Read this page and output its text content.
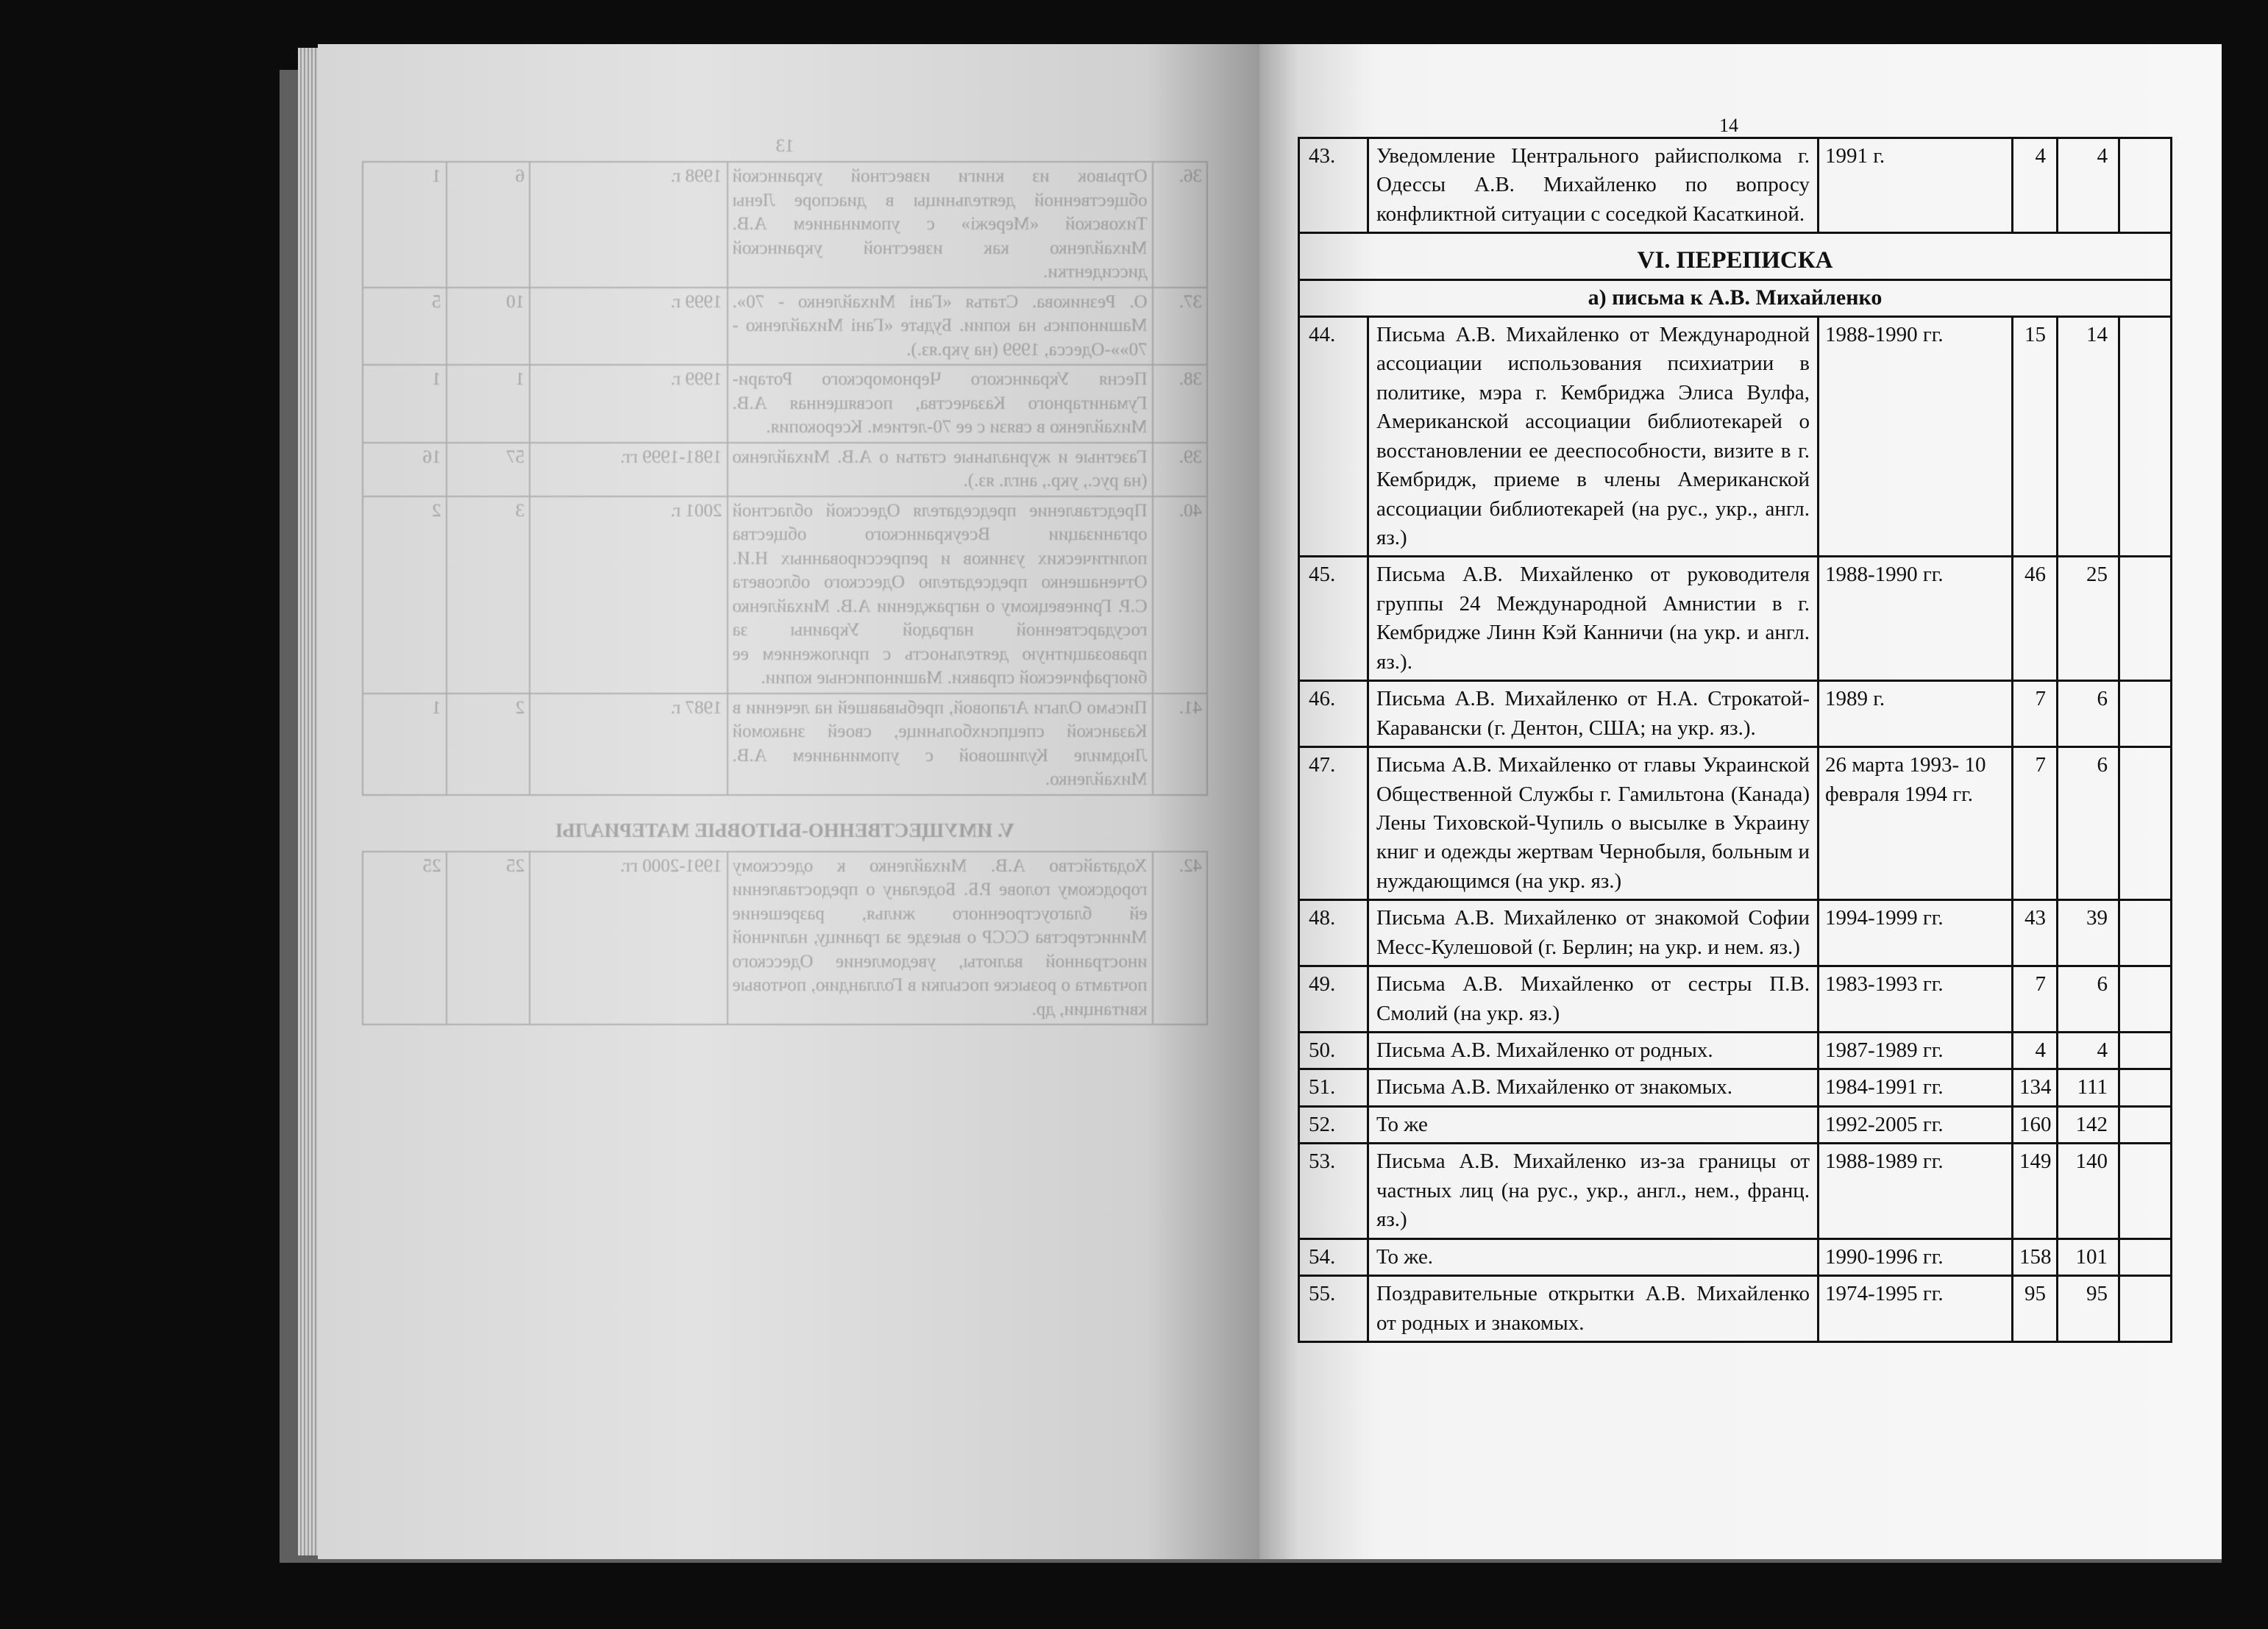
13
36.	Отрывок из книги известной украинской общественной деятельницы в диаспоре Лены Тиховской «Мережi» с упоминанием А.В. Михайленко как известной украинской диссидентки.	1998 г.	6	1
37.	О. Резникова. Статья «Ганi Михайленко - 70». Машинопись на копии. Будьте «Ганi Михайленко - 70»»-Одесса, 1999 (на укр.яз.).	1999 г.	10	5
38.	Песня Украинского Черноморского Ротари-Гуманитарного Казачества, посвященная А.В. Михайленко в связи с ее 70-летием. Ксерокопия.	1999 г.	1	1
39.	Газетные и журнальные статьи о А.В. Михайленко (на рус., укр., англ. яз.).	1981-1999 гг.	57	16
40.	Представление председателя Одесской областной организации Всеукраинского общества политических узников и репрессированных Н.И. Отченашенко председателю Одесского облсовета С.Р. Гриневецкому о награждении А.В. Михайленко государственной наградой Украины за правозащитную деятельность с приложением ее биографической справки. Машинописные копии.	2001 г.	3	2
41.	Письмо Ольги Агаповой, пребывавшей на лечении в Казанской спецпсихбольнице, своей знакомой Людмиле Кулишовой с упоминанием А.В. Михайленко.	1987 г.	2	1
V. ИМУЩЕСТВЕННО-БЫТОВЫЕ МАТЕРИАЛЫ				
42.	Ходатайство А.В. Михайленко к одесскому городскому голове Р.Б. Боделану о предоставлении ей благоустроенного жилья, разрешение Министерства СССР о выезде за границу, наличной иностранной валюты, уведомление Одесского почтамта о розыске посылки в Голландию, почтовые квитанции, др.	1991-2000 гг.	25	25
14
43.	Уведомление Центрального райисполкома г. Одессы А.В. Михайленко по вопросу конфликтной ситуации с соседкой Касаткиной.	1991 г.	4	4	
VI. ПЕРЕПИСКА					
а) письма к А.В. Михайленко					
44.	Письма А.В. Михайленко от Международной ассоциации использования психиатрии в политике, мэра г. Кембриджа Элиса Вулфа, Американской ассоциации библиотекарей о восстановлении ее дееспособности, визите в г. Кембридж, приеме в члены Американской ассоциации библиотекарей (на рус., укр., англ. яз.)	1988-1990 гг.	15	14	
45.	Письма А.В. Михайленко от руководителя группы 24 Международной Амнистии в г. Кембридже Линн Кэй Канничи (на укр. и англ. яз.).	1988-1990 гг.	46	25	
46.	Письма А.В. Михайленко от Н.А. Строкатой-Каравански (г. Дентон, США; на укр. яз.).	1989 г.	7	6	
47.	Письма А.В. Михайленко от главы Украинской Общественной Службы г. Гамильтона (Канада) Лены Тиховской-Чупиль о высылке в Украину книг и одежды жертвам Чернобыля, больным и нуждающимся (на укр. яз.)	26 марта 1993- 10 февраля 1994 гг.	7	6	
48.	Письма А.В. Михайленко от знакомой Софии Месс-Кулешовой (г. Берлин; на укр. и нем. яз.)	1994-1999 гг.	43	39	
49.	Письма А.В. Михайленко от сестры П.В. Смолий (на укр. яз.)	1983-1993 гг.	7	6	
50.	Письма А.В. Михайленко от родных.	1987-1989 гг.	4	4	
51.	Письма А.В. Михайленко от знакомых.	1984-1991 гг.	134	111	
52.	То же	1992-2005 гг.	160	142	
53.	Письма А.В. Михайленко из-за границы от частных лиц (на рус., укр., англ., нем., франц. яз.)	1988-1989 гг.	149	140	
54.	То же.	1990-1996 гг.	158	101	
55.	Поздравительные открытки А.В. Михайленко от родных и знакомых.	1974-1995 гг.	95	95	
